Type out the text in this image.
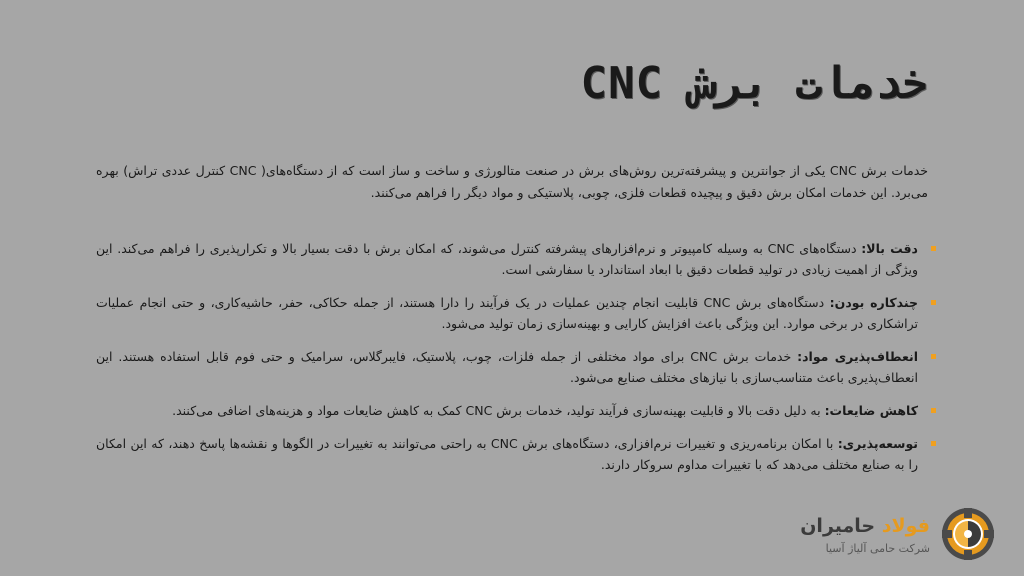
خدمات برش CNC
خدمات برش CNC یکی از جوانترین و پیشرفته‌ترین روش‌های برش در صنعت متالورژی و ساخت و ساز است که از دستگاه‌های( CNC کنترل عددی تراش) بهره می‌برد. این خدمات امکان برش دقیق و پیچیده قطعات فلزی، چوبی، پلاستیکی و مواد دیگر را فراهم می‌کنند.
دقت بالا: دستگاه‌های CNC به وسیله کامپیوتر و نرم‌افزارهای پیشرفته کنترل می‌شوند، که امکان برش با دقت بسیار بالا و تکرارپذیری را فراهم می‌کند. این ویژگی از اهمیت زیادی در تولید قطعات دقیق با ابعاد استاندارد یا سفارشی است.
چندکاره بودن: دستگاه‌های برش CNC قابلیت انجام چندین عملیات در یک فرآیند را دارا هستند، از جمله حکاکی، حفر، حاشیه‌کاری، و حتی انجام عملیات تراشکاری در برخی موارد. این ویژگی باعث افزایش کارایی و بهینه‌سازی زمان تولید می‌شود.
انعطاف‌پذیری مواد: خدمات برش CNC برای مواد مختلفی از جمله فلزات، چوب، پلاستیک، فایبرگلاس، سرامیک و حتی فوم قابل استفاده هستند. این انعطاف‌پذیری باعث متناسب‌سازی با نیازهای مختلف صنایع می‌شود.
کاهش ضایعات: به دلیل دقت بالا و قابلیت بهینه‌سازی فرآیند تولید، خدمات برش CNC کمک به کاهش ضایعات مواد و هزینه‌های اضافی می‌کنند.
توسعه‌پذیری: با امکان برنامه‌ریزی و تغییرات نرم‌افزاری، دستگاه‌های برش CNC به راحتی می‌توانند به تغییرات در الگوها و نقشه‌ها پاسخ دهند، که این امکان را به صنایع مختلف می‌دهد که با تغییرات مداوم سروکار دارند.
فولاد حامیران
شرکت حامی آلیاژ آسیا
